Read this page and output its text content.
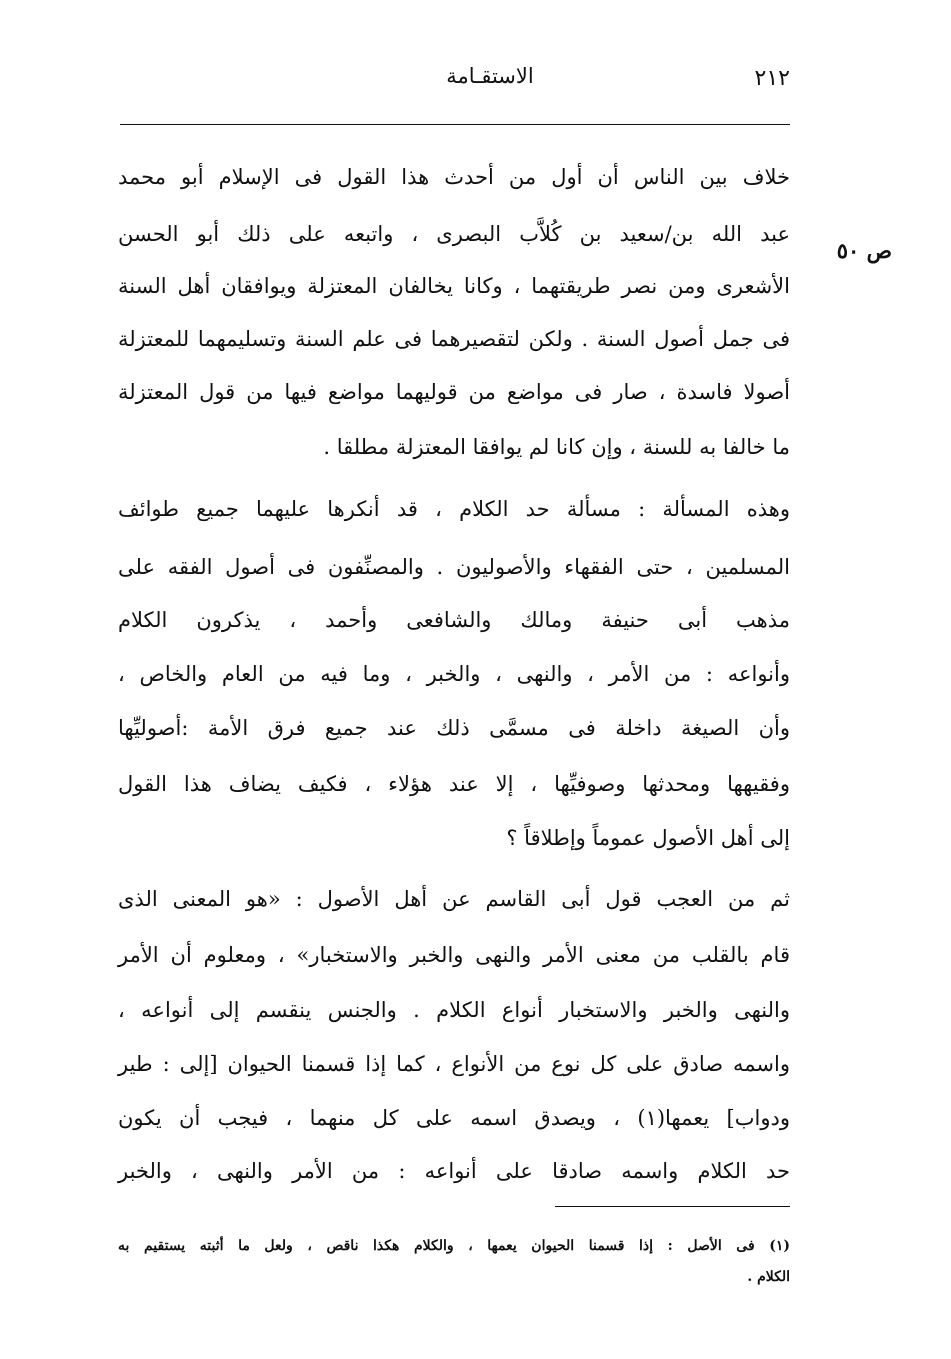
٢١٢
الاستقـامة
ص ٥٠
خلاف بين الناس أن أول من أحدث هذا القول فى الإسلام أبو محمد
عبد الله بن/سعيد بن كُلاَّب البصرى ، واتبعه على ذلك أبو الحسن
الأشعرى ومن نصر طريقتهما ، وكانا يخالفان المعتزلة ويوافقان أهل السنة
فى جمل أصول السنة . ولكن لتقصيرهما فى علم السنة وتسليمهما للمعتزلة
أصولا فاسدة ، صار فى مواضع من قوليهما مواضع فيها من قول المعتزلة
ما خالفا به للسنة ، وإن كانا لم يوافقا المعتزلة مطلقا .
وهذه المسألة : مسألة حد الكلام ، قد أنكرها عليهما جميع طوائف
المسلمين ، حتى الفقهاء والأصوليون . والمصنِّفون فى أصول الفقه على
مذهب أبى حنيفة ومالك والشافعى وأحمد ، يذكرون الكلام
وأنواعه : من الأمر ، والنهى ، والخبر ، وما فيه من العام والخاص ،
وأن الصيغة داخلة فى مسمَّى ذلك عند جميع فرق الأمة :أصوليِّها
وفقيهها ومحدثها وصوفيِّها ، إلا عند هؤلاء ، فكيف يضاف هذا القول
إلى أهل الأصول عموماً وإطلاقاً ؟
ثم من العجب قول أبى القاسم عن أهل الأصول : «هو المعنى الذى
قام بالقلب من معنى الأمر والنهى والخبر والاستخبار» ، ومعلوم أن الأمر
والنهى والخبر والاستخبار أنواع الكلام . والجنس ينقسم إلى أنواعه ،
واسمه صادق على كل نوع من الأنواع ، كما إذا قسمنا الحيوان [إلى : طير
ودواب] يعمها(١) ، ويصدق اسمه على كل منهما ، فيجب أن يكون
حد الكلام واسمه صادقا على أنواعه : من الأمر والنهى ، والخبر
(١) فى الأصل : إذا قسمنا الحيوان يعمها ، والكلام هكذا ناقص ، ولعل ما أثبته يستقيم به
الكلام .
